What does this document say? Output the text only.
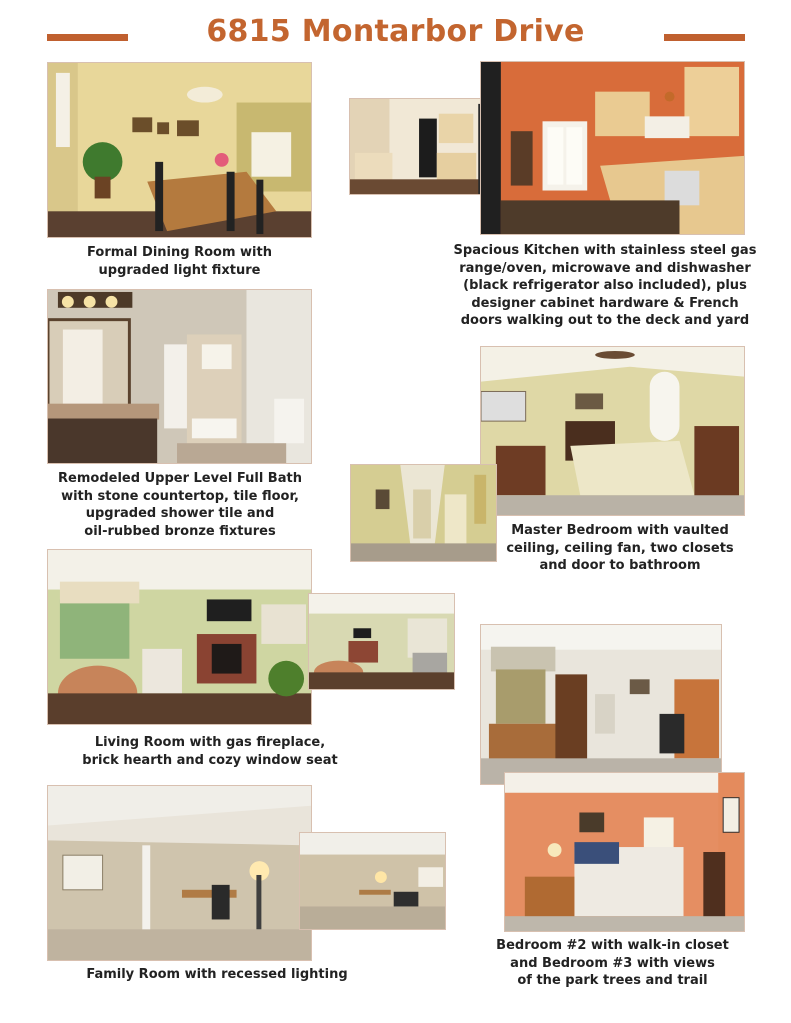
6815 Montarbor Drive
Formal Dining Room with
upgraded light fixture
Spacious Kitchen with stainless steel gas
range/oven, microwave and dishwasher
(black refrigerator also included), plus
designer cabinet hardware & French
doors walking out to the deck and yard
Remodeled Upper Level Full Bath
with stone countertop, tile floor,
upgraded shower tile and
oil-rubbed bronze fixtures	Master Bedroom with vaulted
ceiling, ceiling fan, two closets
and door to bathroom
Living Room with gas fireplace,
brick hearth and cozy window seat
Family Room with recessed lighting
Bedroom #2 with walk-in closet
and Bedroom #3 with views
of the park trees and trail
